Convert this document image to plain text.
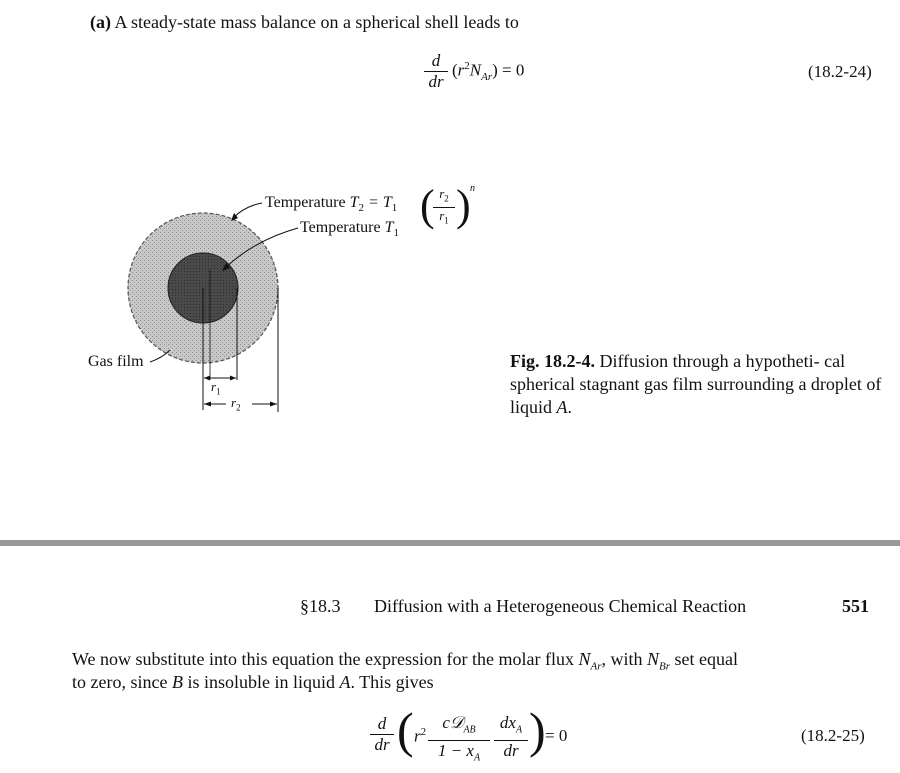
(a) A steady-state mass balance on a spherical shell leads to
d
dr
$(r^2N_{Ar}) = 0$	(18.2-24)
Temperature $T_2 = T_1$ ( $r_2$
$r_1$ ) n
Temperature $T_1$
Gas film
$r_1$
$r_2$
Fig. 18.2-4. Diffusion through a hypotheti- cal spherical stagnant gas film surrounding a droplet of liquid A.
§18.3 Diffusion with a Heterogeneous Chemical Reaction	551
We now substitute into this equation the expression for the molar flux $N_{Ar}$, with $N_{Br}$ set equal
to zero, since B is insoluble in liquid A. This gives
d
dr ( $r^2$ c𝒟$_{AB}$
$1 - x_A$
$dx_A$
dr ) = 0	(18.2-25)
